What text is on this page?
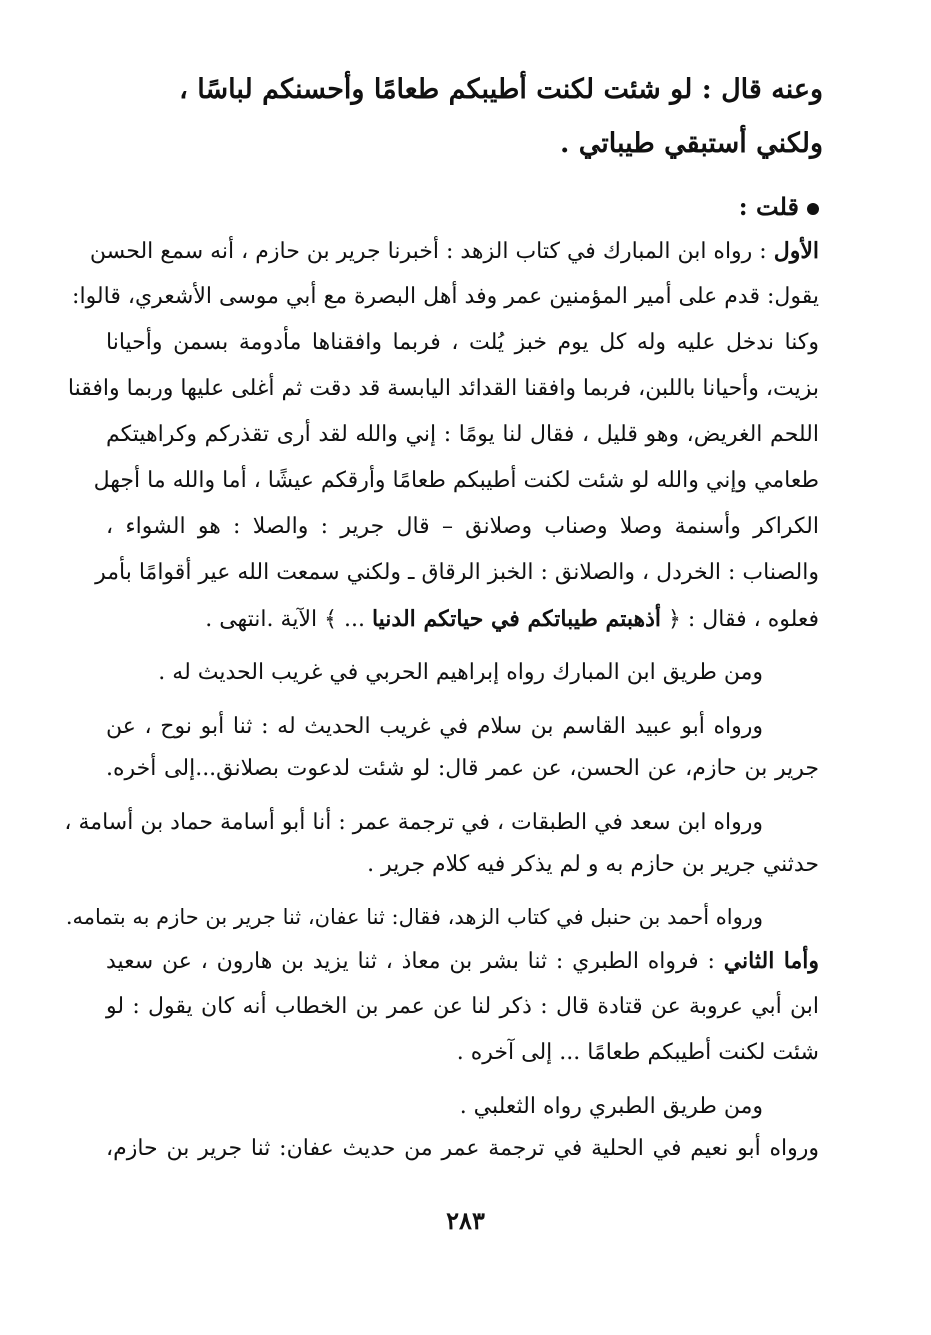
وعنه قال : لو شئت لكنت أطيبكم طعامًا وأحسنكم لباسًا ،
ولكني أستبقي طيباتي .
قلت :
الأول : رواه ابن المبارك في كتاب الزهد : أخبرنا جرير بن حازم ، أنه سمع الحسن
يقول: قدم على أمير المؤمنين عمر وفد أهل البصرة مع أبي موسى الأشعري، قالوا:
وكنا ندخل عليه وله كل يوم خبز يُلت ، فربما وافقناها مأدومة بسمن وأحيانا
بزيت، وأحيانا باللبن، فربما وافقنا القدائد اليابسة قد دقت ثم أغلى عليها وربما وافقنا
اللحم الغريض، وهو قليل ، فقال لنا يومًا : إني والله لقد أرى تقذركم وكراهيتكم
طعامي وإني والله لو شئت لكنت أطيبكم طعامًا وأرقكم عيشًا ، أما والله ما أجهل
الكراكر وأسنمة وصلا وصناب وصلانق – قال جرير : والصلا : هو الشواء ،
والصناب : الخردل ، والصلانق : الخبز الرقاق ـ ولكني سمعت الله عير أقوامًا بأمر
فعلوه ، فقال : ﴿ أذهبتم طيباتكم في حياتكم الدنيا ... ﴾ الآية .انتهى .
ومن طريق ابن المبارك رواه إبراهيم الحربي في غريب الحديث له .
ورواه أبو عبيد القاسم بن سلام في غريب الحديث له : ثنا أبو نوح ، عن
جرير بن حازم، عن الحسن، عن عمر قال: لو شئت لدعوت بصلانق...إلى أخره.
ورواه ابن سعد في الطبقات ، في ترجمة عمر : أنا أبو أسامة حماد بن أسامة ،
حدثني جرير بن حازم به و لم يذكر فيه كلام جرير .
ورواه أحمد بن حنبل في كتاب الزهد، فقال: ثنا عفان، ثنا جرير بن حازم به بتمامه.
وأما الثاني : فرواه الطبري : ثنا بشر بن معاذ ، ثنا يزيد بن هارون ، عن سعيد
ابن أبي عروبة عن قتادة قال : ذكر لنا عن عمر بن الخطاب أنه كان يقول : لو
شئت لكنت أطيبكم طعامًا ... إلى آخره .
ومن طريق الطبري رواه الثعلبي .
ورواه أبو نعيم في الحلية في ترجمة عمر من حديث عفان: ثنا جرير بن حازم،
٢٨٣
